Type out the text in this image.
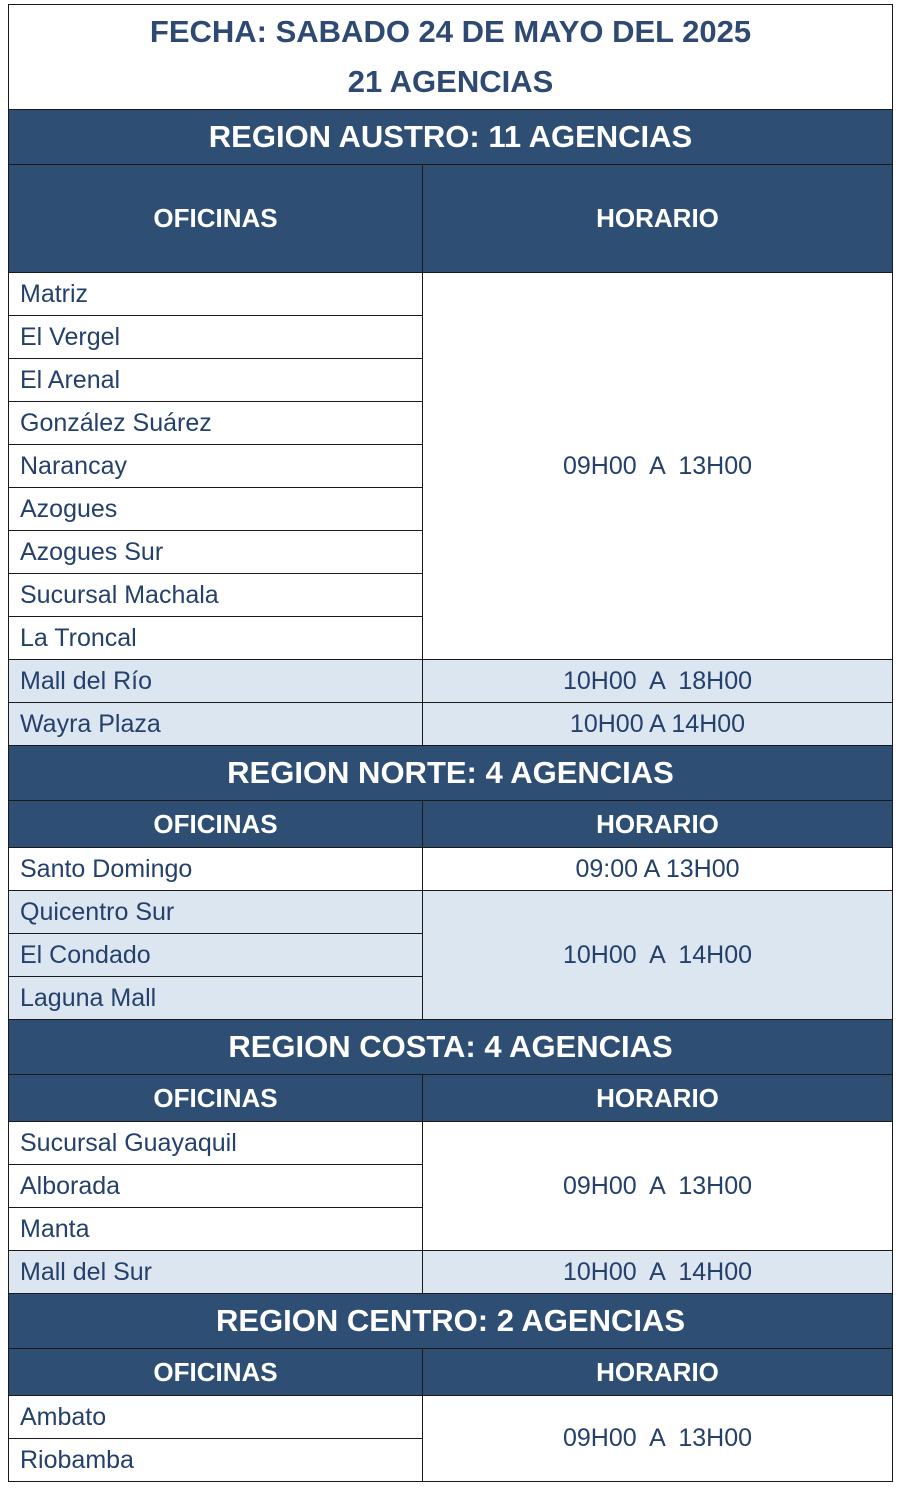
FECHA: SABADO 24 DE MAYO DEL 2025
21 AGENCIAS	

REGION AUSTRO: 11 AGENCIAS	
OFICINAS	HORARIO
Matriz	09H00  A  13H00
El Vergel	
El Arenal	
González Suárez	
Narancay	
Azogues	
Azogues Sur	
Sucursal Machala	
La Troncal	
Mall del Río	10H00  A  18H00
Wayra Plaza	10H00 A 14H00
REGION NORTE: 4 AGENCIAS	
OFICINAS	HORARIO
Santo Domingo	09:00 A 13H00
Quicentro Sur	10H00  A  14H00
El Condado	
Laguna Mall	
REGION COSTA: 4 AGENCIAS	
OFICINAS	HORARIO
Sucursal Guayaquil	09H00  A  13H00
Alborada	
Manta	
Mall del Sur	10H00  A  14H00
REGION CENTRO: 2 AGENCIAS	
OFICINAS	HORARIO
Ambato	09H00  A  13H00
Riobamba	
